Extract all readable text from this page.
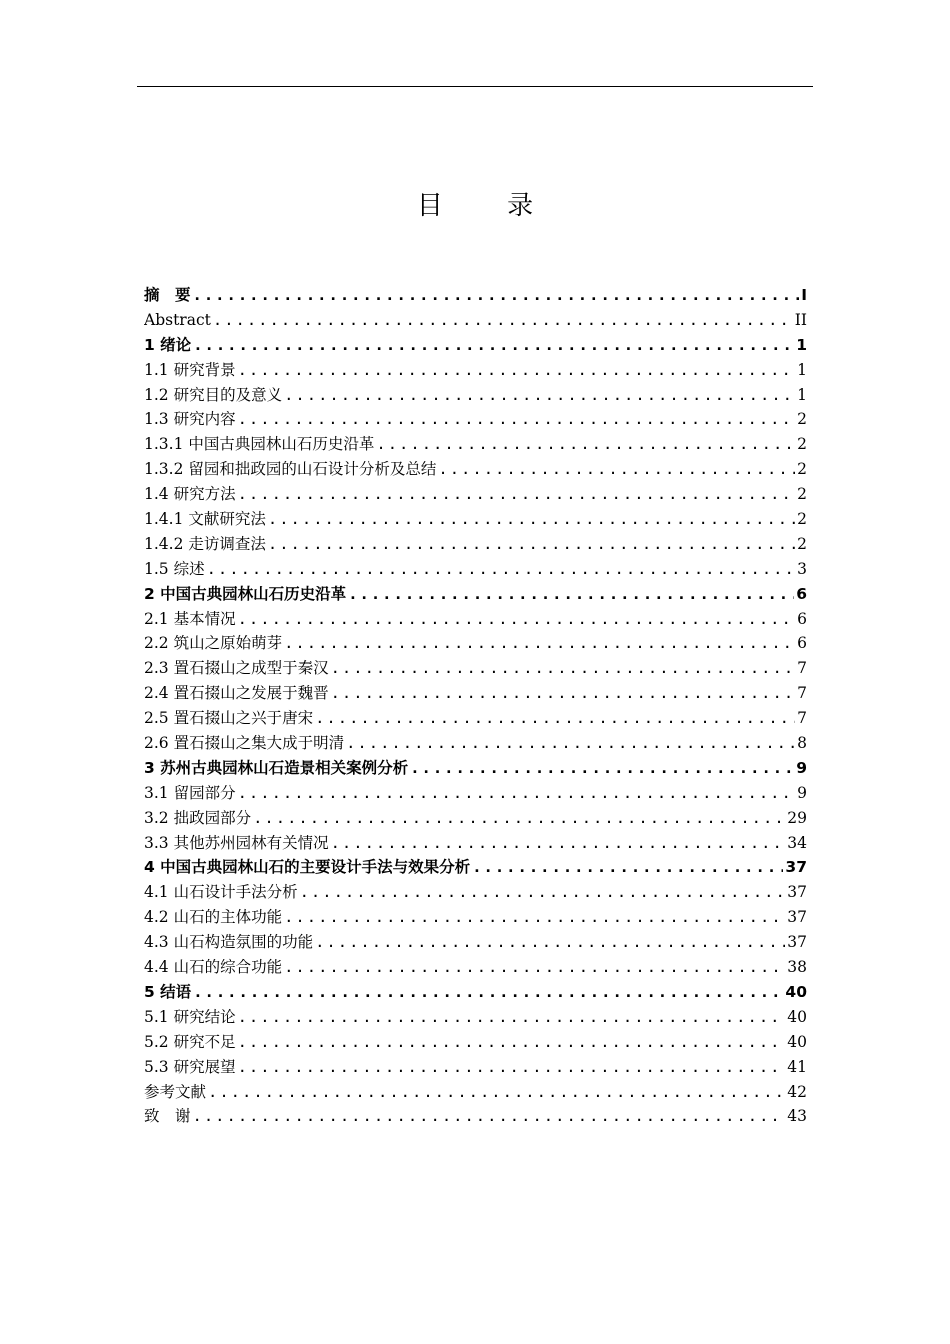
目 录
摘　要 .....	I
Abstract .....	II
1 绪论 .....	1
1.1 研究背景 .....	1
1.2 研究目的及意义 .....	1
1.3 研究内容 .....	2
1.3.1 中国古典园林山石历史沿革 .....	2
1.3.2 留园和拙政园的山石设计分析及总结 .....	2
1.4 研究方法 .....	2
1.4.1 文献研究法 .....	2
1.4.2 走访调查法 .....	2
1.5 综述 .....	3
2 中国古典园林山石历史沿革 .....	6
2.1 基本情况 .....	6
2.2 筑山之原始萌芽 .....	6
2.3 置石掇山之成型于秦汉 .....	7
2.4 置石掇山之发展于魏晋 .....	7
2.5 置石掇山之兴于唐宋 .....	7
2.6 置石掇山之集大成于明清 .....	8
3 苏州古典园林山石造景相关案例分析 .....	9
3.1 留园部分 .....	9
3.2 拙政园部分 .....	29
3.3 其他苏州园林有关情况 .....	34
4 中国古典园林山石的主要设计手法与效果分析 .....	37
4.1 山石设计手法分析 .....	37
4.2 山石的主体功能 .....	37
4.3 山石构造氛围的功能 .....	37
4.4 山石的综合功能 .....	38
5 结语 .....	40
5.1 研究结论 .....	40
5.2 研究不足 .....	40
5.3 研究展望 .....	41
参考文献 .....	42
致　谢 .....	43
